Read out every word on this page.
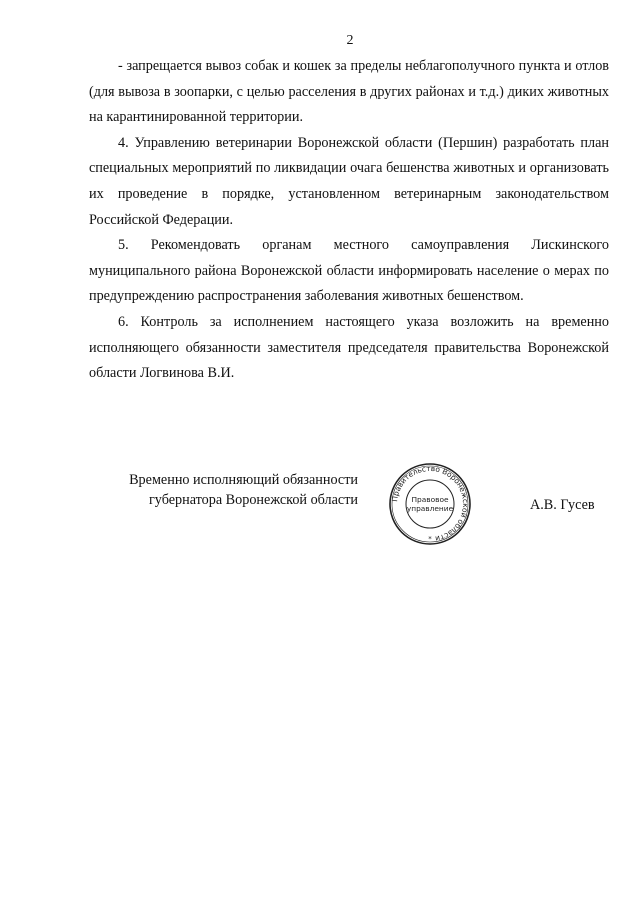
2

- запрещается вывоз собак и кошек за пределы неблагополучного пункта и отлов (для вывоза в зоопарки, с целью расселения в других районах и т.д.) диких животных на карантинированной территории.

4. Управлению ветеринарии Воронежской области (Першин) разработать план специальных мероприятий по ликвидации очага бешенства животных и организовать их проведение в порядке, установленном ветеринарным законодательством Российской Федерации.

5. Рекомендовать органам местного самоуправления Лискинского муниципального района Воронежской области информировать население о мерах по предупреждению распространения заболевания животных бешенством.

6. Контроль за исполнением настоящего указа возложить на временно исполняющего обязанности заместителя председателя правительства Воронежской области Логвинова В.И.

Временно исполняющий обязанности
губернатора Воронежской области	Правительство Воронежской области
Правовое
управление
*
А.В. Гусев
